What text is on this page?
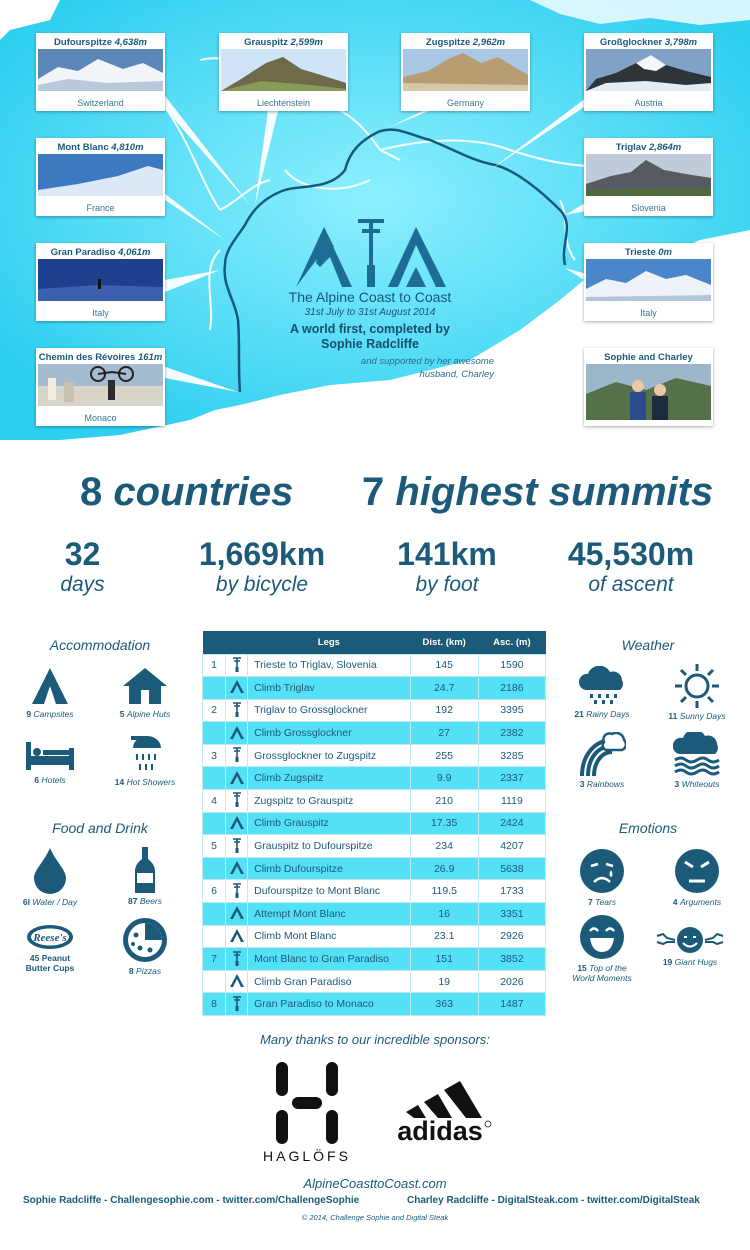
Dufourspitze 4,638m
Switzerland
Grauspitz 2,599m
Liechtenstein
Zugspitze 2,962m
Germany
Großglockner 3,798m
Austria
Mont Blanc 4,810m
France
Triglav 2,864m
Slovenia
Gran Paradiso 4,061m
Italy
Trieste 0m
Italy
Chemin des Révoires 161m
Monaco
Sophie and Charley
ATA
The Alpine Coast to Coast
31st July to 31st August 2014
A world first, completed by
Sophie Radcliffe
and supported by her awesome
husband, Charley
8 countries 7 highest summits
32
days
1,669km
by bicycle
141km
by foot
45,530m
of ascent
Accommodation
9 Campsites	5 Alpine Huts
6 Hotels	14 Hot Showers
Food and Drink
6l Water / Day	87 Beers
Reese's
45 Peanut
Butter Cups	8 Pizzas
		Legs	Dist. (km)	Asc. (m)
1		Trieste to Triglav, Slovenia	145	1590
		Climb Triglav	24.7	2186
2		Triglav to Grossglockner	192	3395
		Climb Grossglockner	27	2382
3		Grossglockner to Zugspitz	255	3285
		Climb Zugspitz	9.9	2337
4		Zugspitz to Grauspitz	210	1119
		Climb Grauspitz	17.35	2424
5		Grauspitz to Dufourspitze	234	4207
		Climb Dufourspitze	26.9	5638
6		Dufourspitze to Mont Blanc	119.5	1733
		Attempt Mont Blanc	16	3351
		Climb Mont Blanc	23.1	2926
7		Mont Blanc to Gran Paradiso	151	3852
		Climb Gran Paradiso	19	2026
8		Gran Paradiso to Monaco	363	1487
Weather
21 Rainy Days	11 Sunny Days
3 Rainbows	3 Whiteouts
Emotions
7 Tears	4 Arguments
15 Top of the
World Moments
19 Giant Hugs
Many thanks to our incredible sponsors:
HAGLÖFS
adidas
AlpineCoasttoCoast.com
Sophie Radcliffe - Challengesophie.com - twitter.com/ChallengeSophie	Charley Radcliffe - DigitalSteak.com - twitter.com/DigitalSteak
© 2014, Challenge Sophie and Digital Steak
